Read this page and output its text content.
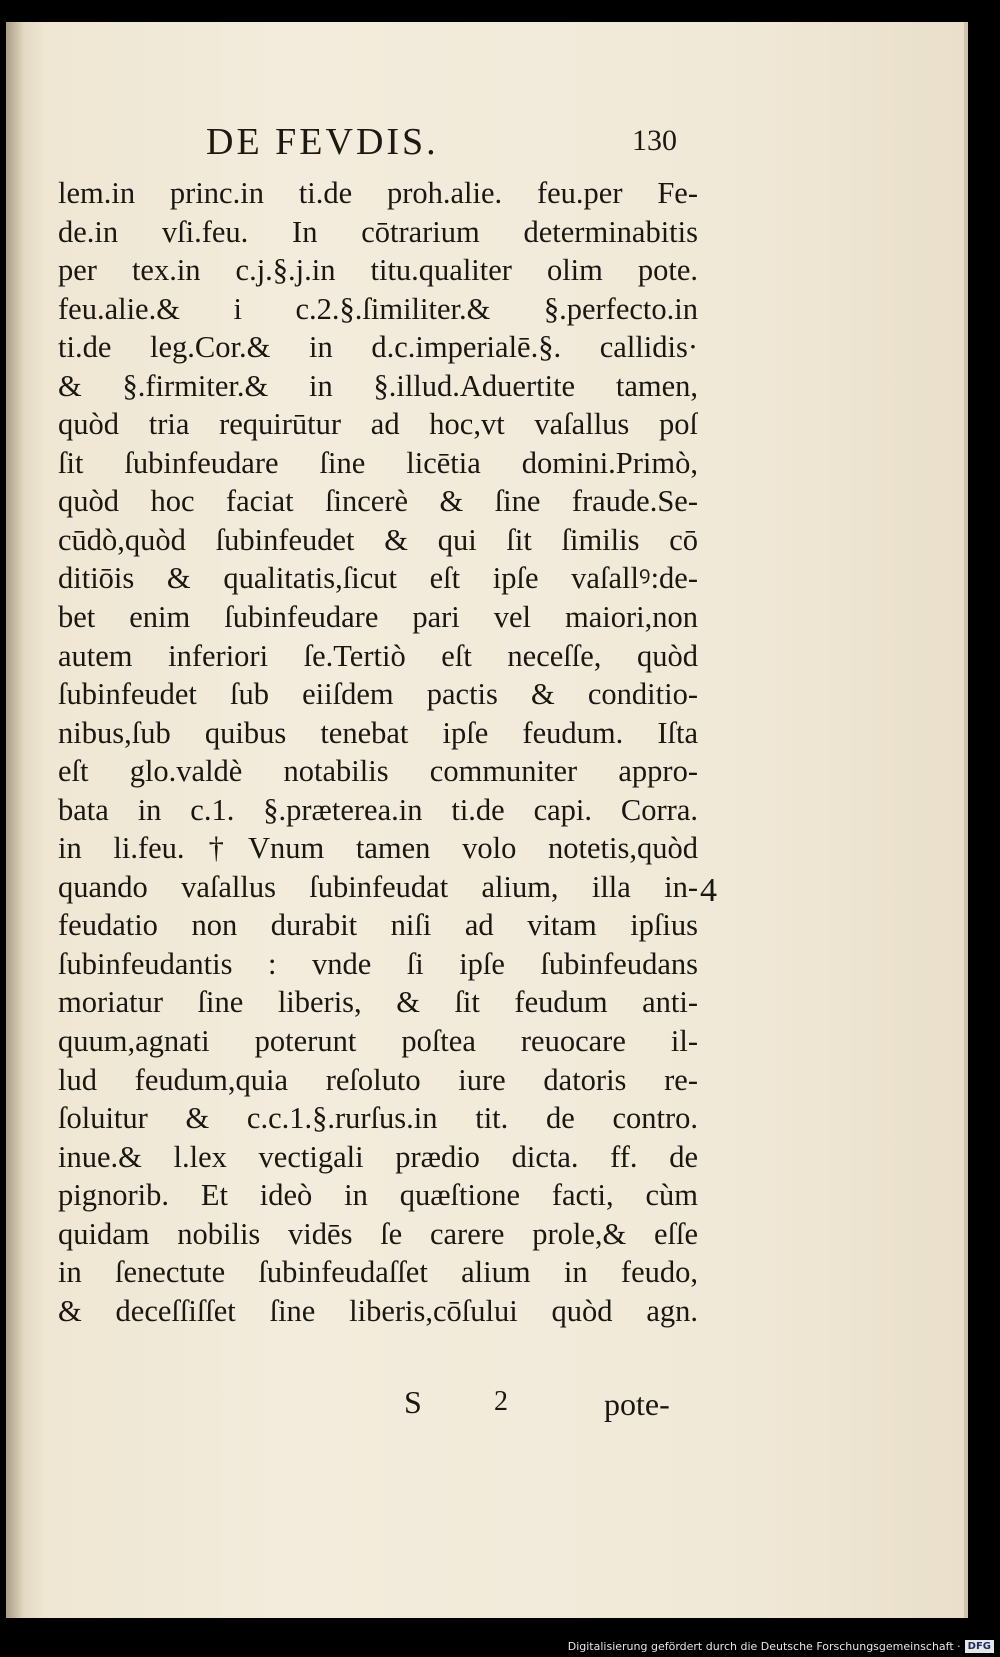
DE FEVDIS.	130
lem.in princ.in ti.de proh.alie. feu.per Fe-
de.in vſi.feu. In cōtrarium determinabitis
per tex.in c.j.§.j.in titu.qualiter olim pote.
feu.alie.& i c.2.§.ſimiliter.& §.perfecto.in
ti.de leg.Cor.& in d.c.imperialē.§. callidis·
& §.firmiter.& in §.illud.Aduertite tamen,
quòd tria requirūtur ad hoc,vt vaſallus poſ
ſit ſubinfeudare ſine licētia domini.Primò,
quòd hoc faciat ſincerè & ſine fraude.Se-
cūdò,quòd ſubinfeudet & qui ſit ſimilis cō
ditiōis & qualitatis,ſicut eſt ipſe vaſallꝰ:de-
bet enim ſubinfeudare pari vel maiori,non
autem inferiori ſe.Tertiò eſt neceſſe, quòd
ſubinfeudet ſub eiiſdem pactis & conditio-
nibus,ſub quibus tenebat ipſe feudum. Iſta
eſt glo.valdè notabilis communiter appro-
bata in c.1. §.præterea.in ti.de capi. Corra.
in li.feu.†Vnum tamen volo notetis,quòd
quando vaſallus ſubinfeudat alium, illa in-
feudatio non durabit niſi ad vitam ipſius
ſubinfeudantis : vnde ſi ipſe ſubinfeudans
moriatur ſine liberis, & ſit feudum anti-
quum,agnati poterunt poſtea reuocare il-
lud feudum,quia reſoluto iure datoris re-
ſoluitur & c.c.1.§.rurſus.in tit. de contro.
inue.& l.lex vectigali prædio dicta. ff. de
pignorib. Et ideò in quæſtione facti, cùm
quidam nobilis vidēs ſe carere prole,& eſſe
in ſenectute ſubinfeudaſſet alium in feudo,
& deceſſiſſet ſine liberis,cōſului quòd agn.
4
S	2	pote-
Digitalisierung gefördert durch die Deutsche Forschungsgemeinschaft · DFG
